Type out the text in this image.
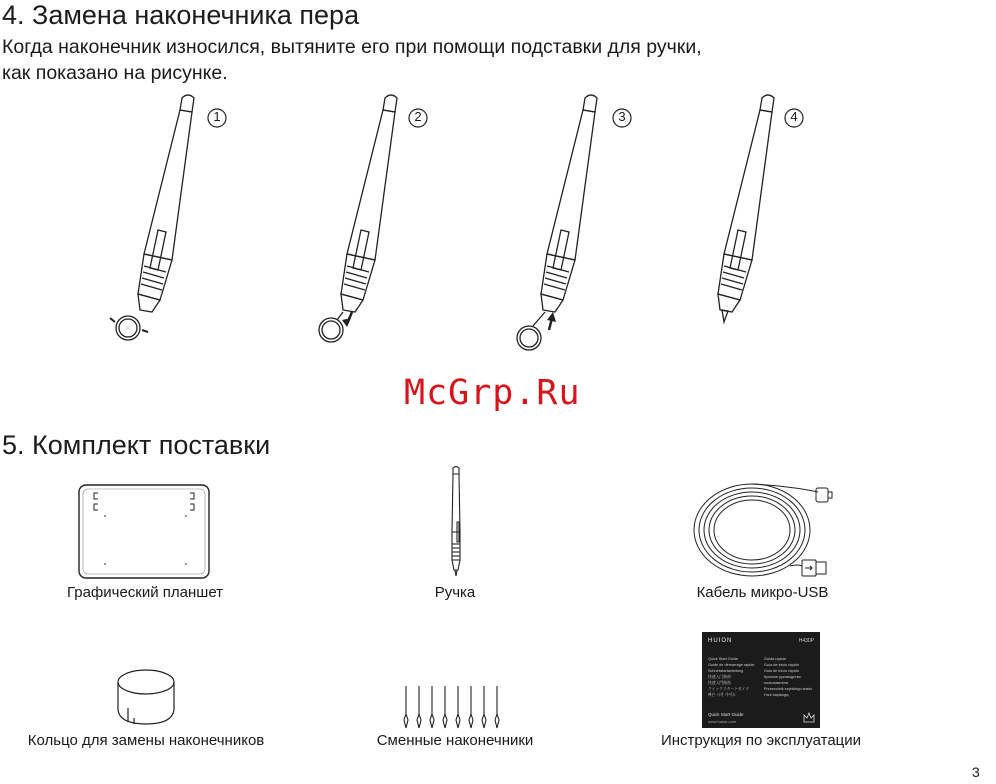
4. Замена наконечника пера
Когда наконечник износился, вытяните его при помощи подставки для ручки,
как показано на рисунке.
1	2	3	4
McGrp.Ru
5. Комплект поставки
Графический планшет	Ручка	Кабель микро-USB
Кольцо для замены наконечников	Сменные наконечники
HUION	H430P
Quick Start Guide
Guide de démarrage rapide
Schnellstartanleitung
快速入门指南
快速入門指南
クイックスタートガイド
빠른 시작 가이드
Guida rapida
Guía de inicio rápido
Guia de início rápido
Краткое руководство пользователя
Przewodnik szybkiego startu
Hızlı başlangıç
Quick Start Guide
www.huion.com
Инструкция по эксплуатации
3
